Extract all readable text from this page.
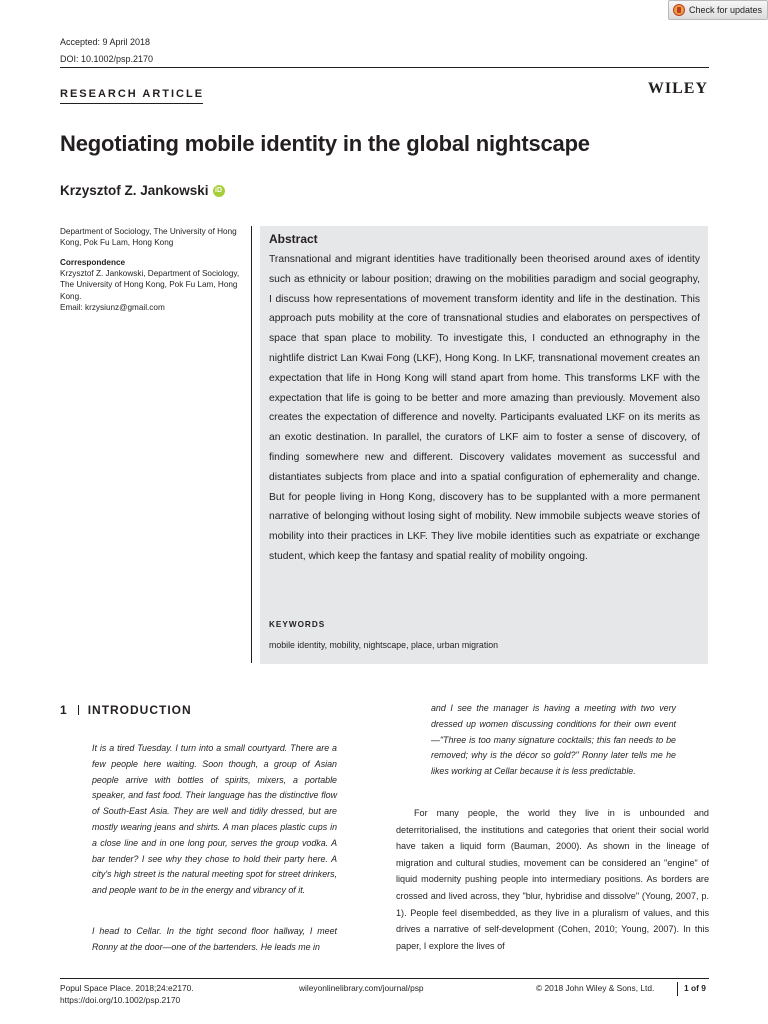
Check for updates
Accepted: 9 April 2018
DOI: 10.1002/psp.2170
RESEARCH ARTICLE	WILEY
Negotiating mobile identity in the global nightscape
Krzysztof Z. Jankowski iD
Department of Sociology, The University of Hong Kong, Pok Fu Lam, Hong Kong
Correspondence
Krzysztof Z. Jankowski, Department of Sociology, The University of Hong Kong, Pok Fu Lam, Hong Kong.
Email: krzysiunz@gmail.com
Abstract
Transnational and migrant identities have traditionally been theorised around axes of identity such as ethnicity or labour position; drawing on the mobilities paradigm and social geography, I discuss how representations of movement transform identity and life in the destination. This approach puts mobility at the core of transnational studies and elaborates on perspectives of space that span place to mobility. To investigate this, I conducted an ethnography in the nightlife district Lan Kwai Fong (LKF), Hong Kong. In LKF, transnational movement creates an expectation that life in Hong Kong will stand apart from home. This transforms LKF with the expectation that life is going to be better and more amazing than previously. Movement also creates the expectation of difference and novelty. Participants evaluated LKF on its merits as an exotic destination. In parallel, the curators of LKF aim to foster a sense of discovery, of finding somewhere new and different. Discovery validates movement as successful and distantiates subjects from place and into a spatial configuration of ephemerality and change. But for people living in Hong Kong, discovery has to be supplanted with a more permanent narrative of belonging without losing sight of mobility. New immobile subjects weave stories of mobility into their practices in LKF. They live mobile identities such as expatriate or exchange student, which keep the fantasy and spatial reality of mobility ongoing.
KEYWORDS
mobile identity, mobility, nightscape, place, urban migration
1 INTRODUCTION
It is a tired Tuesday. I turn into a small courtyard. There are a few people here waiting. Soon though, a group of Asian people arrive with bottles of spirits, mixers, a portable speaker, and fast food. Their language has the distinctive flow of South-East Asia. They are well and tidily dressed, but are mostly wearing jeans and shirts. A man places plastic cups in a close line and in one long pour, serves the group vodka. A bar tender? I see why they chose to hold their party here. A city's high street is the natural meeting spot for street drinkers, and people want to be in the energy and vibrancy of it.
I head to Cellar. In the tight second floor hallway, I meet Ronny at the door—one of the bartenders. He leads me in
and I see the manager is having a meeting with two very dressed up women discussing conditions for their own event—"Three is too many signature cocktails; this fan needs to be removed; why is the décor so gold?" Ronny later tells me he likes working at Cellar because it is less predictable.
For many people, the world they live in is unbounded and deterritorialised, the institutions and categories that orient their social world have taken a liquid form (Bauman, 2000). As shown in the lineage of migration and cultural studies, movement can be considered an "engine" of liquid modernity pushing people into intermediary positions. As borders are crossed and lived across, they "blur, hybridise and dissolve" (Young, 2007, p. 1). People feel disembedded, as they live in a pluralism of values, and this drives a narrative of self-development (Cohen, 2010; Young, 2007). In this paper, I explore the lives of
Popul Space Place. 2018;24:e2170.
https://doi.org/10.1002/psp.2170
wileyonlinelibrary.com/journal/psp	© 2018 John Wiley & Sons, Ltd.	1 of 9
